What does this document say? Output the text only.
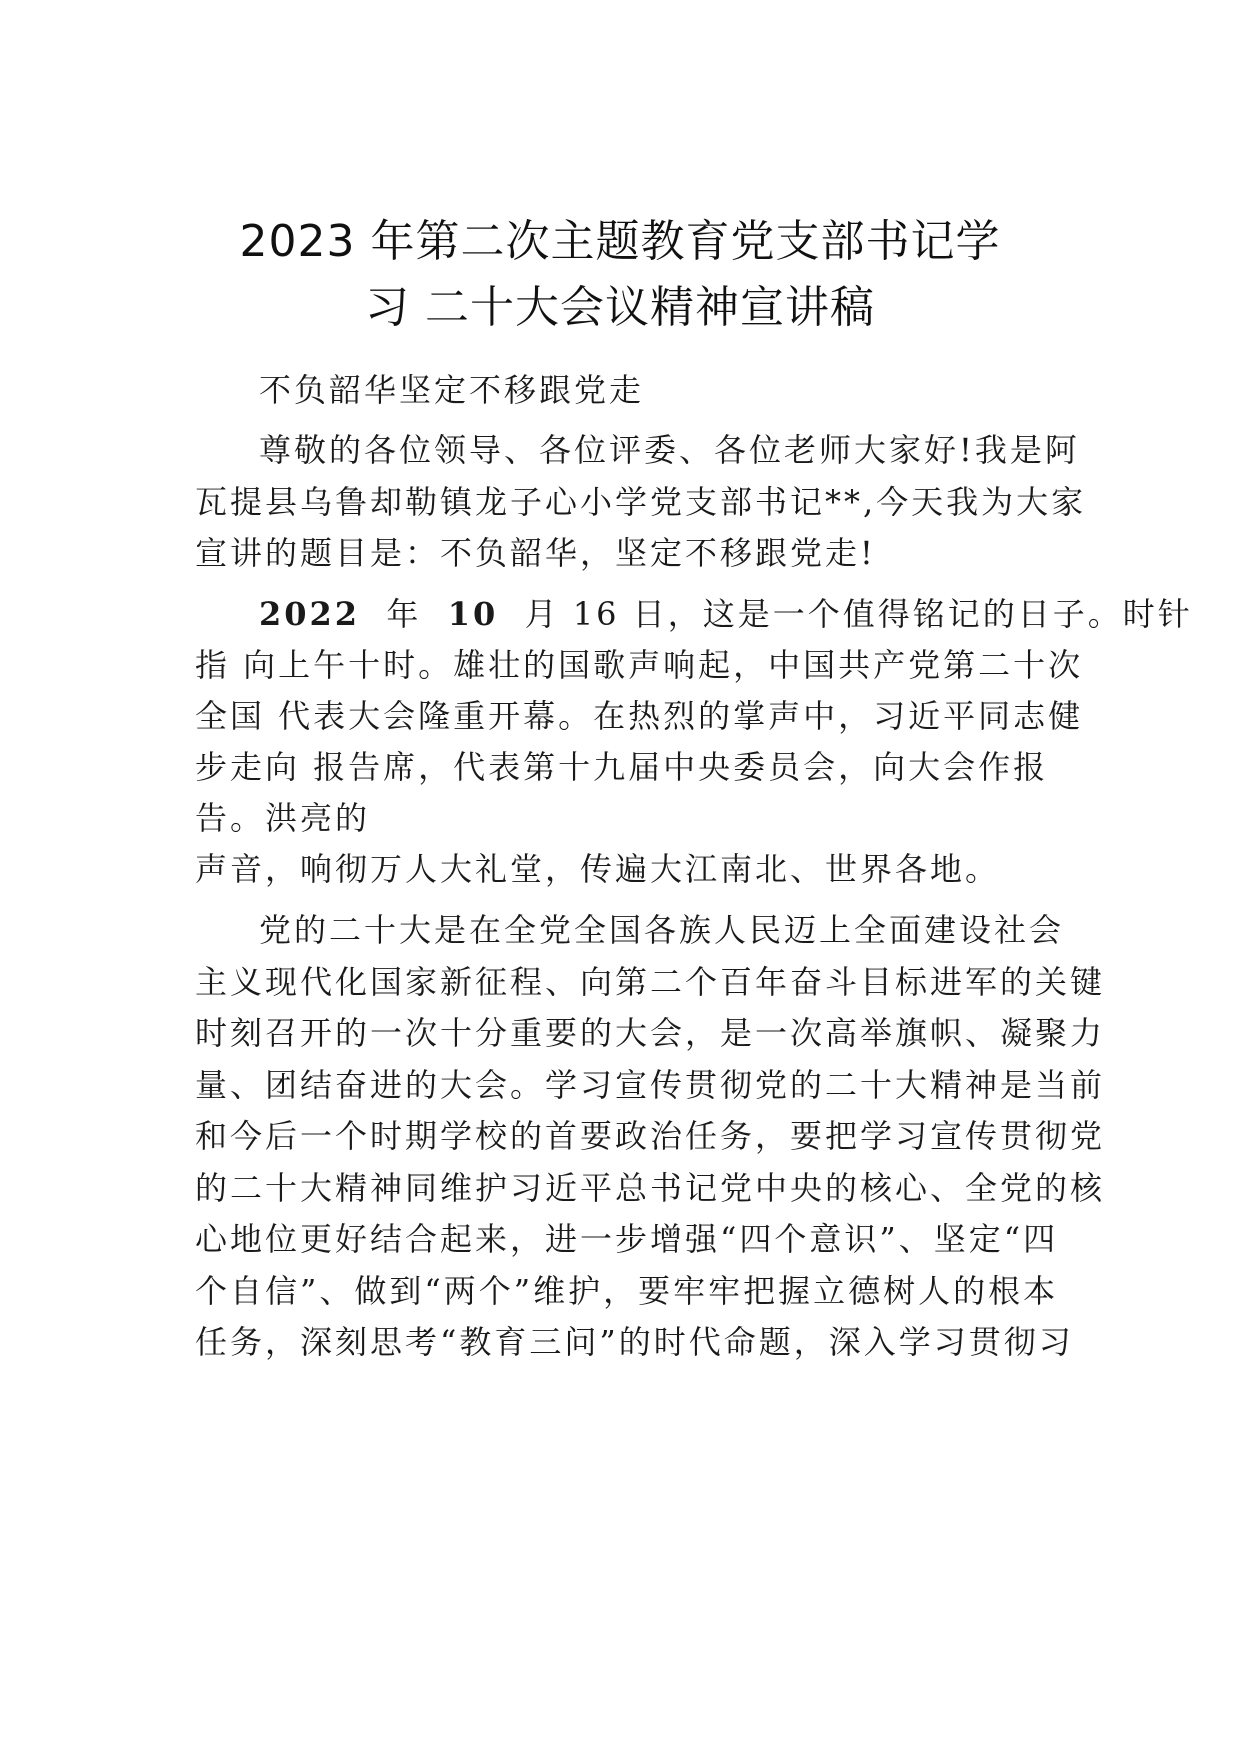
2023 年第二次主题教育党支部书记学
习 二十大会议精神宣讲稿
不负韶华坚定不移跟党走
尊敬的各位领导、各位评委、各位老师大家好!我是阿
瓦提县乌鲁却勒镇龙子心小学党支部书记**,今天我为大家
宣讲的题目是：不负韶华，坚定不移跟党走!
2022 年 10 月 16 日，这是一个值得铭记的日子。时针
指 向上午十时。雄壮的国歌声响起，中国共产党第二十次
全国 代表大会隆重开幕。在热烈的掌声中，习近平同志健
步走向 报告席，代表第十九届中央委员会，向大会作报
告。洪亮的
声音，响彻万人大礼堂，传遍大江南北、世界各地。
党的二十大是在全党全国各族人民迈上全面建设社会
主义现代化国家新征程、向第二个百年奋斗目标进军的关键
时刻召开的一次十分重要的大会，是一次高举旗帜、凝聚力
量、团结奋进的大会。学习宣传贯彻党的二十大精神是当前
和今后一个时期学校的首要政治任务，要把学习宣传贯彻党
的二十大精神同维护习近平总书记党中央的核心、全党的核
心地位更好结合起来，进一步增强“四个意识”、坚定“四
个自信”、做到“两个”维护，要牢牢把握立德树人的根本
任务，深刻思考“教育三问”的时代命题，深入学习贯彻习
